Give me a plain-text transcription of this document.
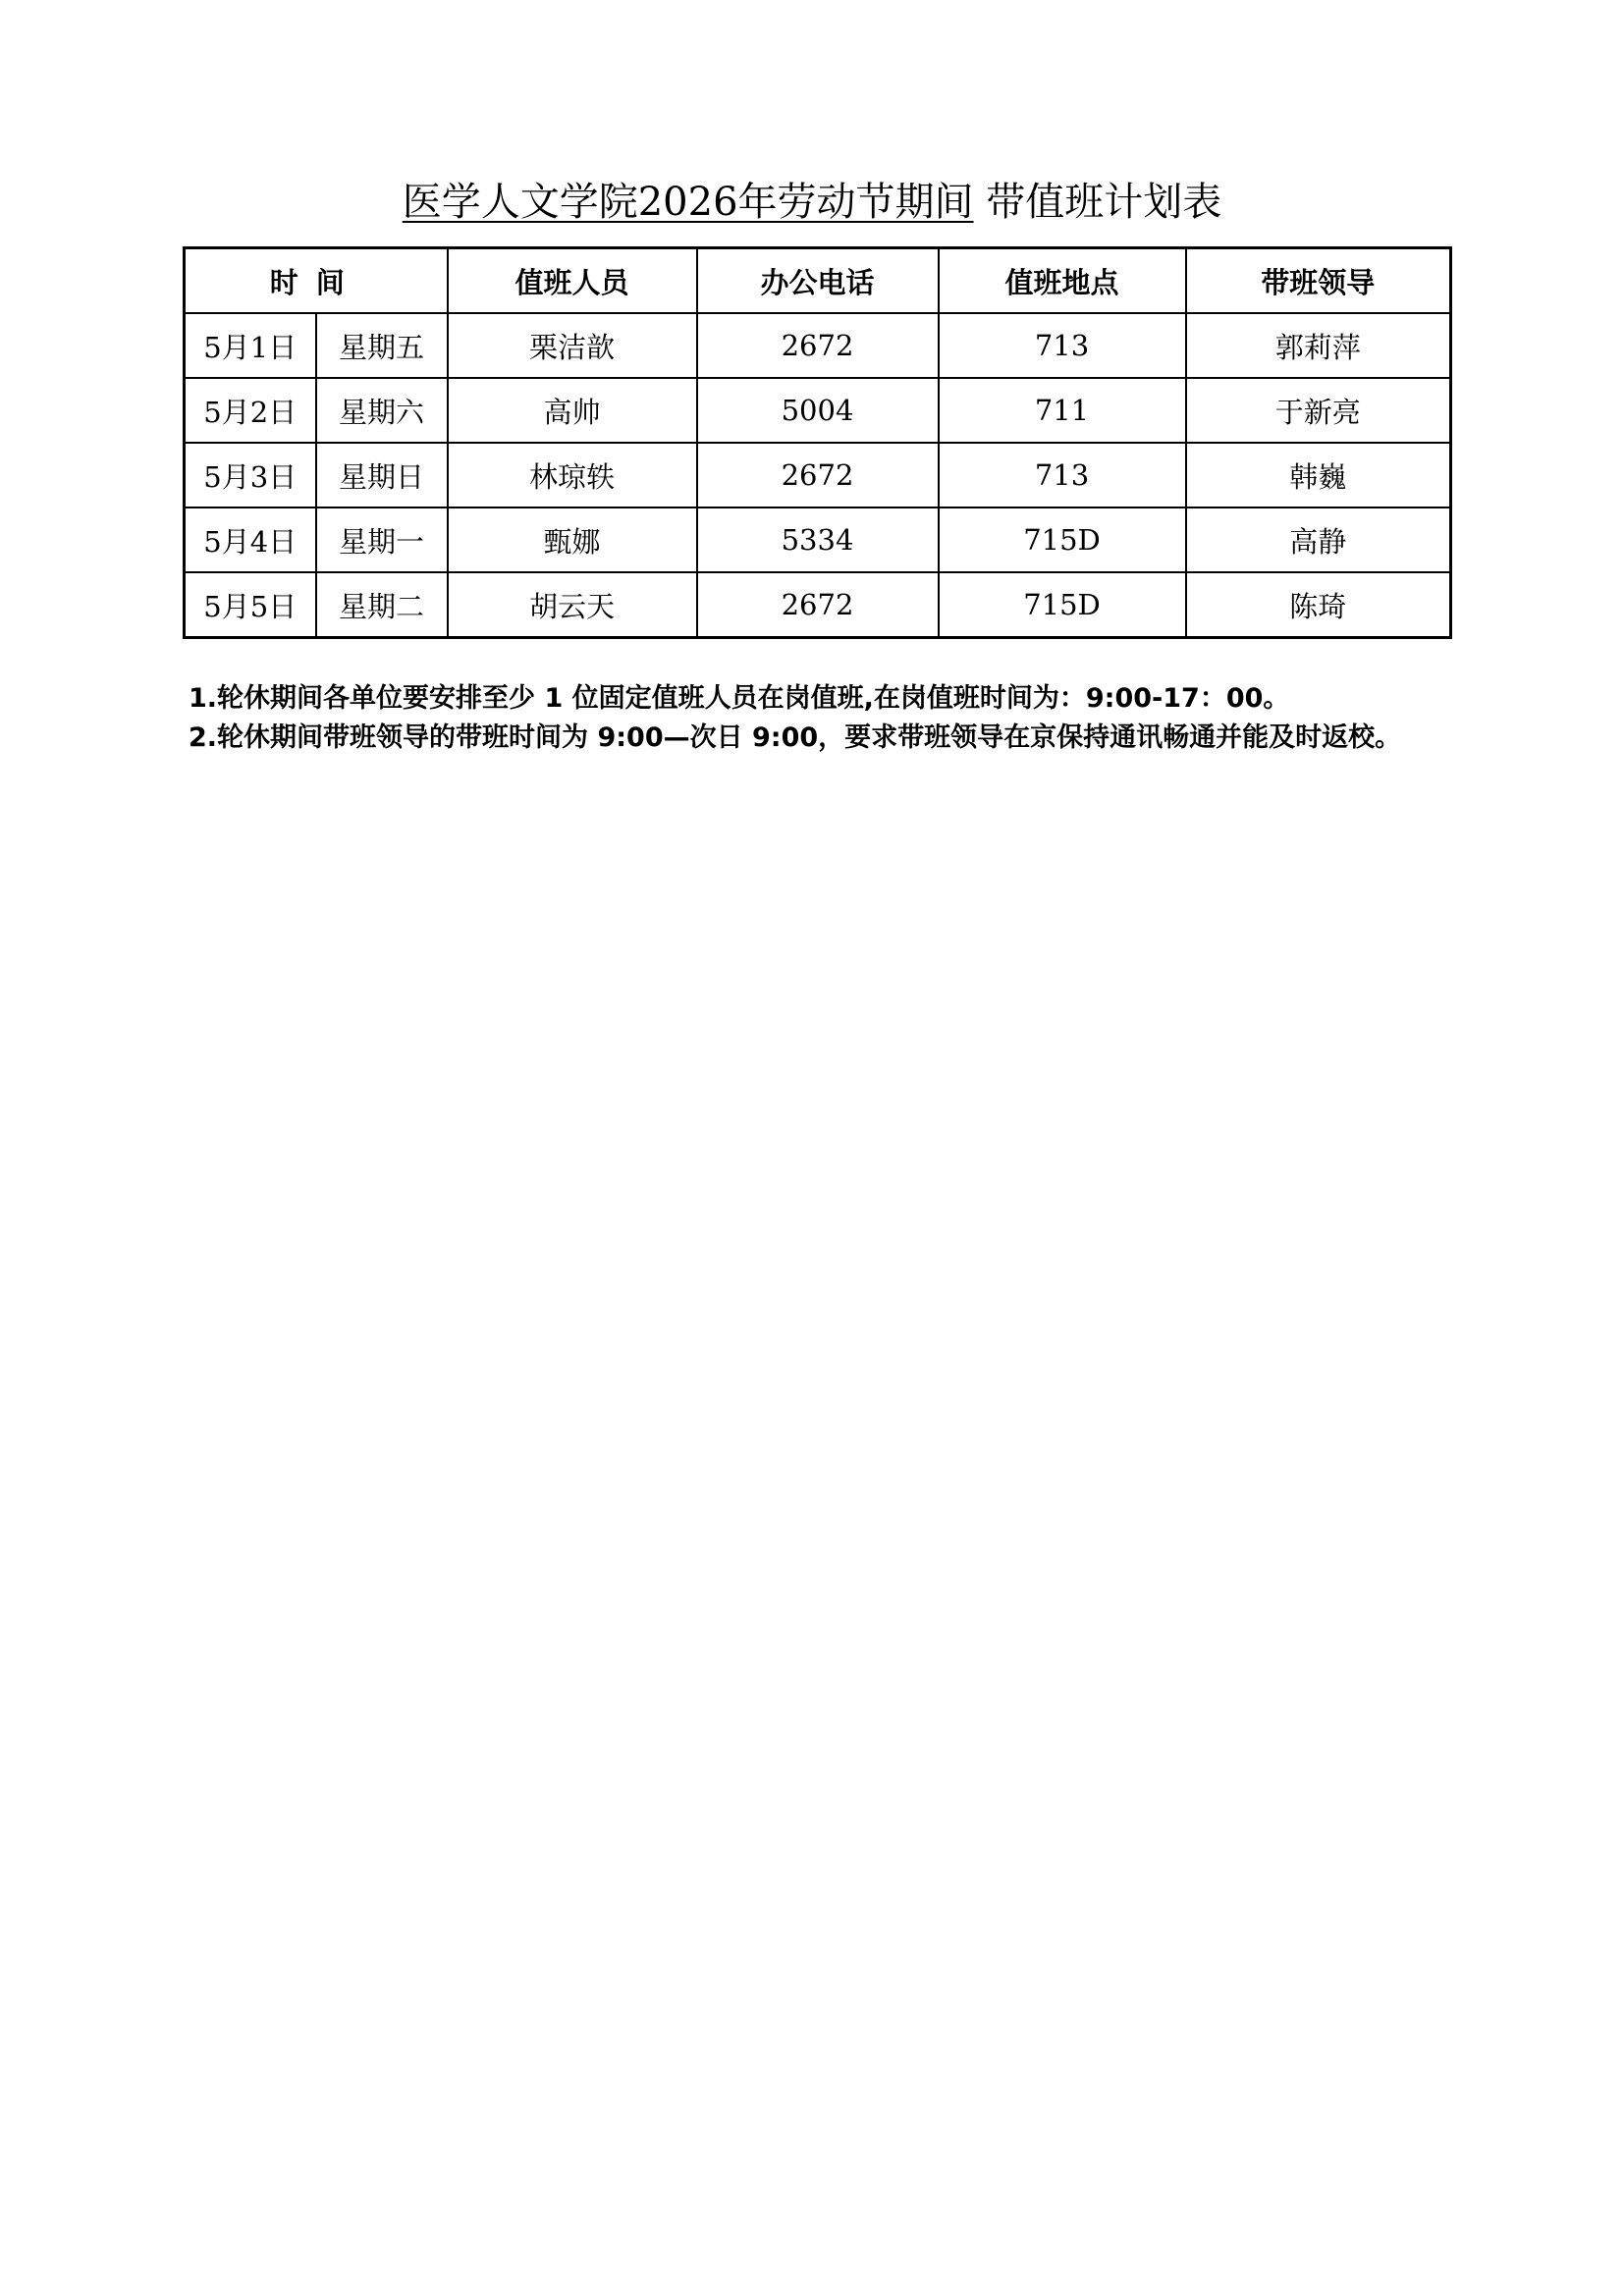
医学人文学院2026年劳动节期间 带值班计划表
时间		值班人员	办公电话	值班地点	带班领导
5月1日	星期五	栗洁歆	2672	713	郭莉萍
5月2日	星期六	高帅	5004	711	于新亮
5月3日	星期日	林琼轶	2672	713	韩巍
5月4日	星期一	甄娜	5334	715D	高静
5月5日	星期二	胡云天	2672	715D	陈琦

1.轮休期间各单位要安排至少 1 位固定值班人员在岗值班,在岗值班时间为：9:00-17：00。

2.轮休期间带班领导的带班时间为 9:00—次日 9:00，要求带班领导在京保持通讯畅通并能及时返校。
